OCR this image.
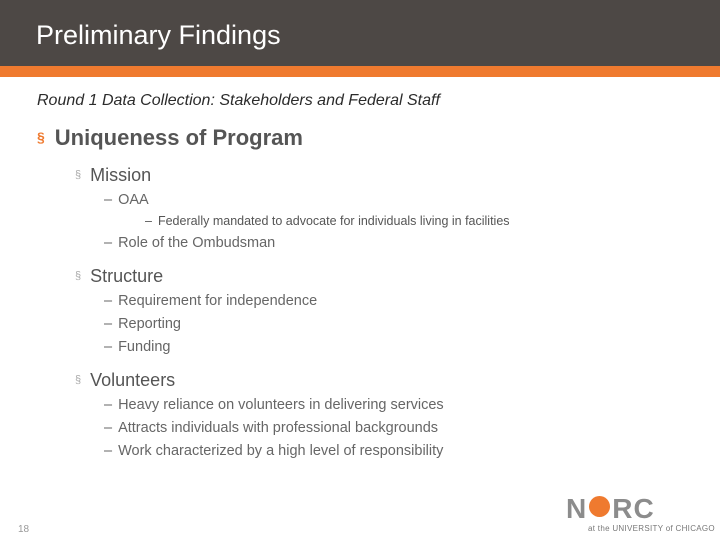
Preliminary Findings
Round 1 Data Collection: Stakeholders and Federal Staff
§ Uniqueness of Program
§ Mission
– OAA
– Federally mandated to advocate for individuals living in facilities
– Role of the Ombudsman
§ Structure
– Requirement for independence
– Reporting
– Funding
§ Volunteers
– Heavy reliance on volunteers in delivering services
– Attracts individuals with professional backgrounds
– Work characterized by a high level of responsibility
18
N RC
at the UNIVERSITY of CHICAGO
